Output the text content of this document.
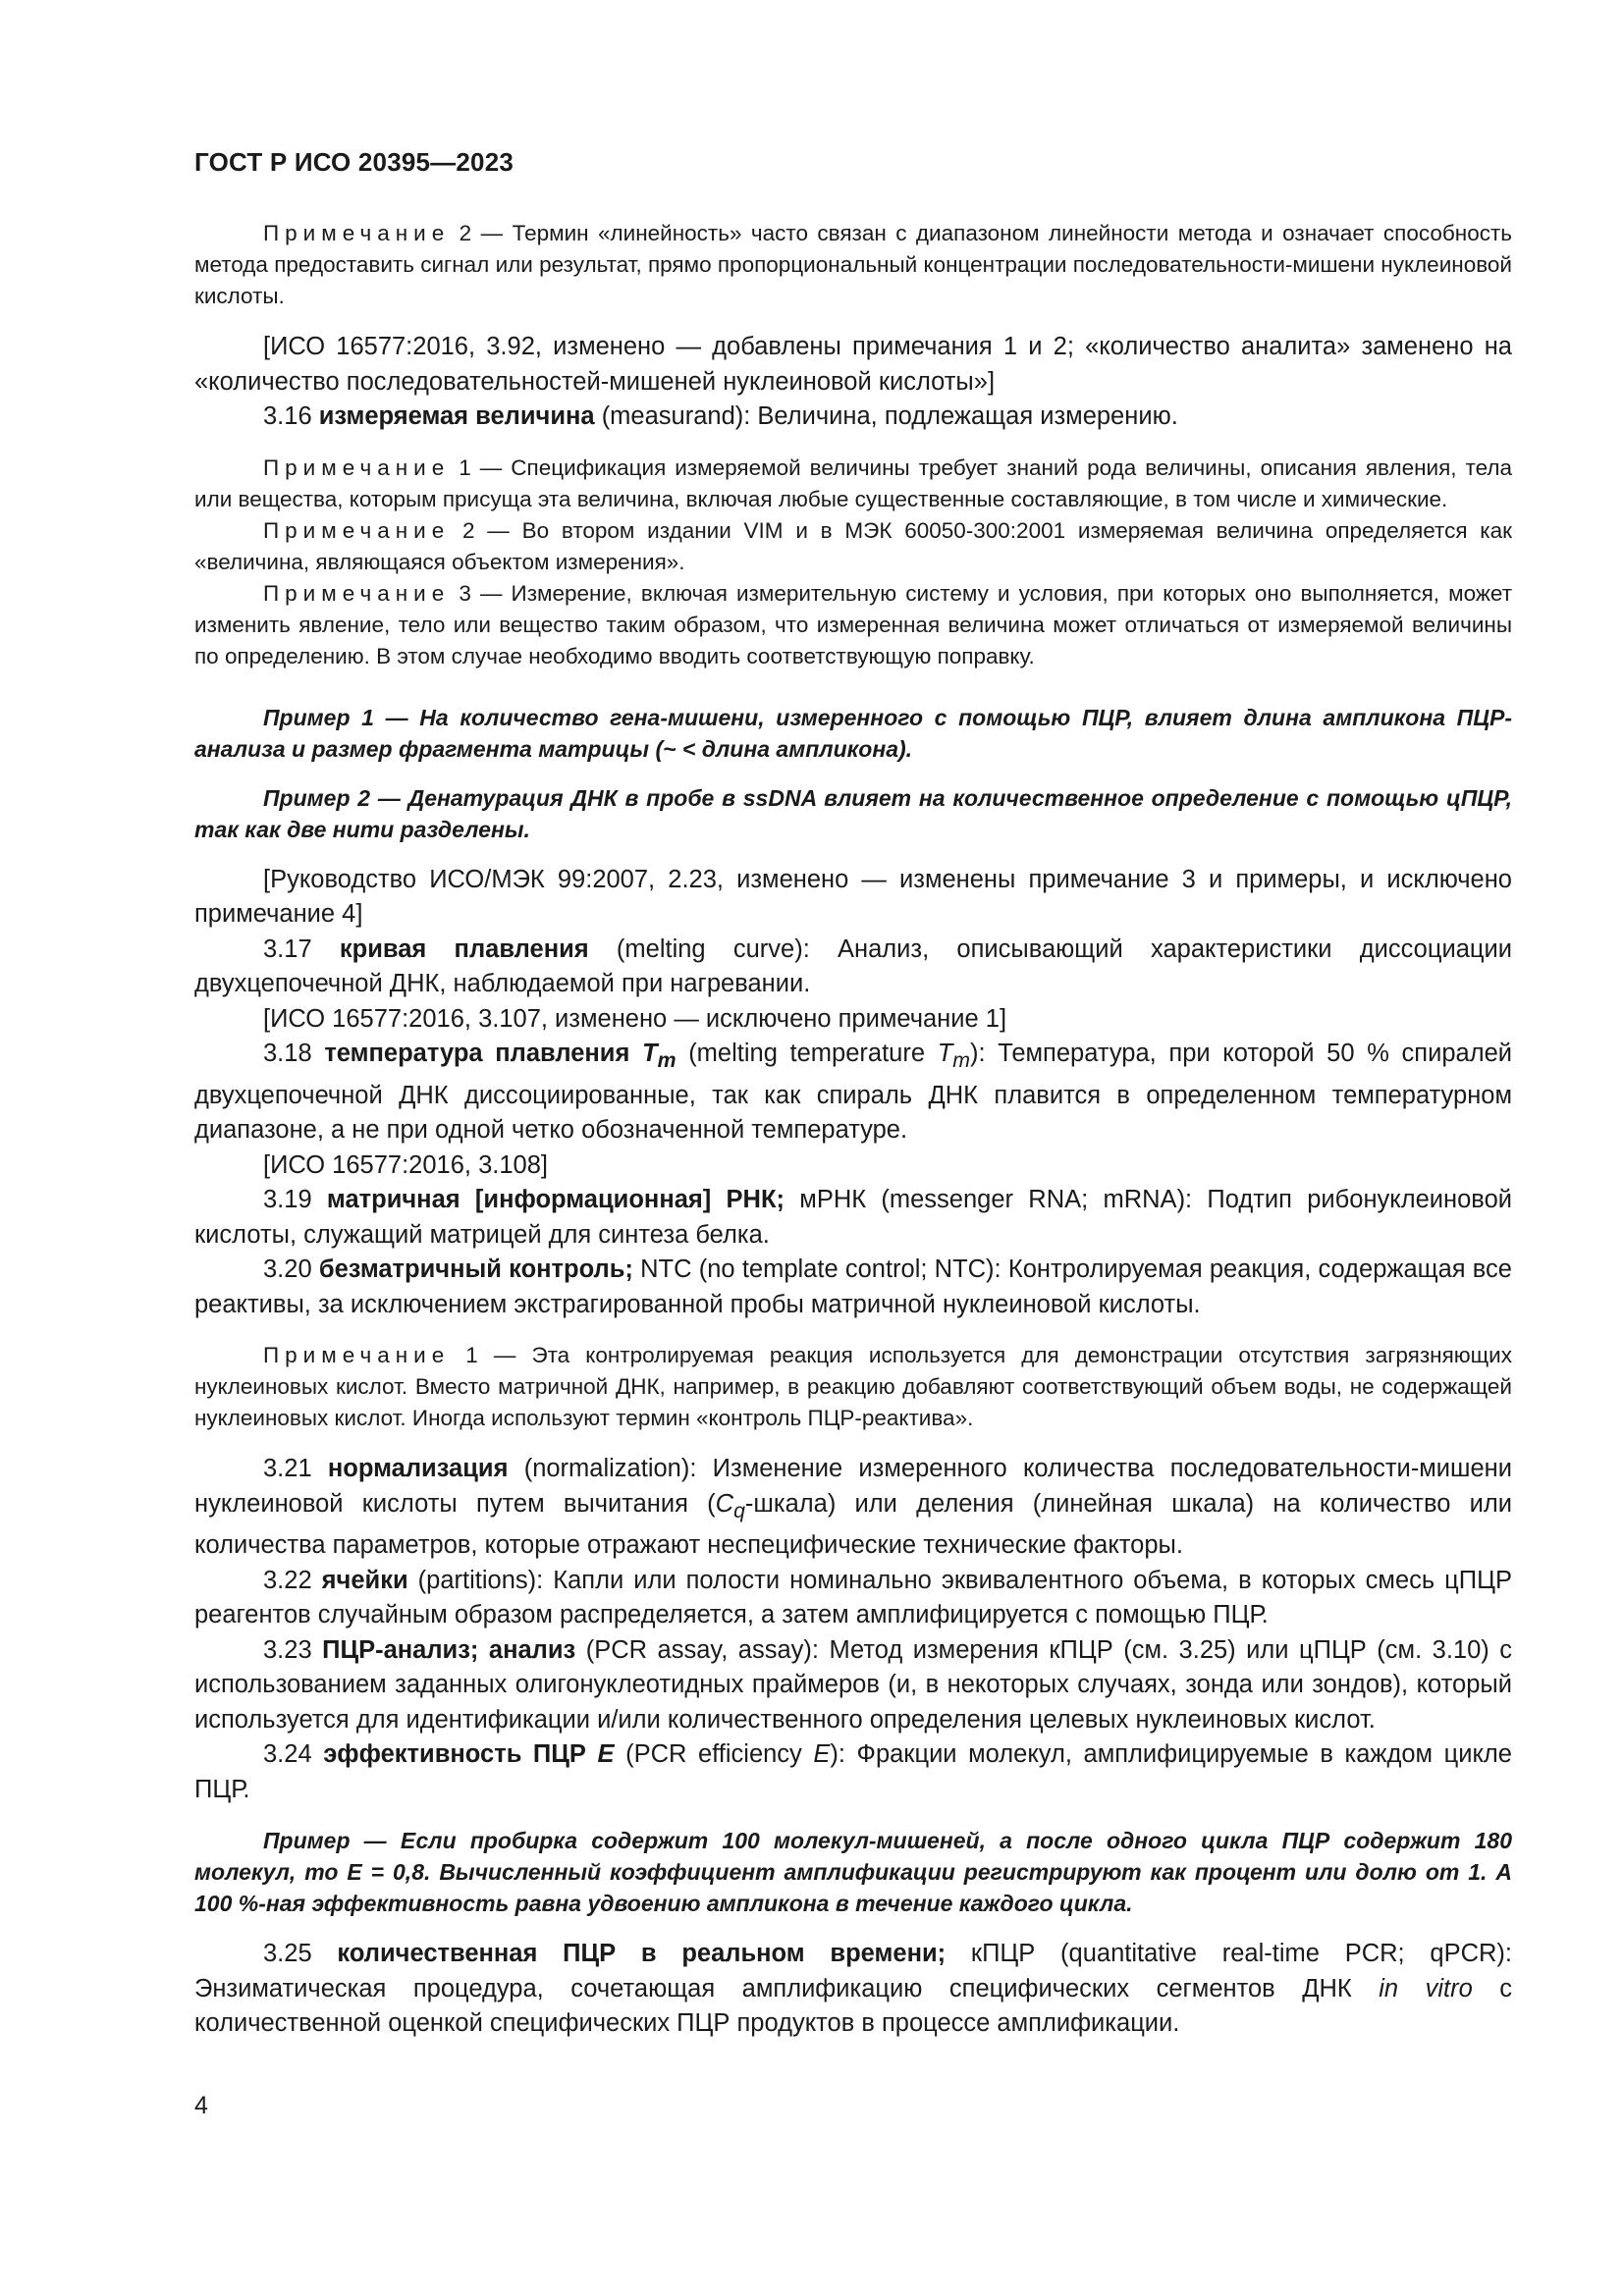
ГОСТ Р ИСО 20395—2023

Примечание 2 — Термин «линейность» часто связан с диапазоном линейности метода и означает способность метода предоставить сигнал или результат, прямо пропорциональный концентрации последовательности-мишени нуклеиновой кислоты.

[ИСО 16577:2016, 3.92, изменено — добавлены примечания 1 и 2; «количество аналита» заменено на «количество последовательностей-мишеней нуклеиновой кислоты»]

3.16 измеряемая величина (measurand): Величина, подлежащая измерению.

Примечание 1 — Спецификация измеряемой величины требует знаний рода величины, описания явления, тела или вещества, которым присуща эта величина, включая любые существенные составляющие, в том числе и химические.

Примечание 2 — Во втором издании VIM и в МЭК 60050-300:2001 измеряемая величина определяется как «величина, являющаяся объектом измерения».

Примечание 3 — Измерение, включая измерительную систему и условия, при которых оно выполняется, может изменить явление, тело или вещество таким образом, что измеренная величина может отличаться от измеряемой величины по определению. В этом случае необходимо вводить соответствующую поправку.

Пример 1 — На количество гена-мишени, измеренного с помощью ПЦР, влияет длина ампликона ПЦР-анализа и размер фрагмента матрицы (~ < длина ампликона).

Пример 2 — Денатурация ДНК в пробе в ssDNA влияет на количественное определение с помощью цПЦР, так как две нити разделены.

[Руководство ИСО/МЭК 99:2007, 2.23, изменено — изменены примечание 3 и примеры, и исключено примечание 4]

3.17 кривая плавления (melting curve): Анализ, описывающий характеристики диссоциации двухцепочечной ДНК, наблюдаемой при нагревании.

[ИСО 16577:2016, 3.107, изменено — исключено примечание 1]

3.18 температура плавления $T_m$ (melting temperature $T_m$): Температура, при которой 50 % спиралей двухцепочечной ДНК диссоциированные, так как спираль ДНК плавится в определенном температурном диапазоне, а не при одной четко обозначенной температуре.

[ИСО 16577:2016, 3.108]

3.19 матричная [информационная] РНК; мРНК (messenger RNA; mRNA): Подтип рибонуклеиновой кислоты, служащий матрицей для синтеза белка.

3.20 безматричный контроль; NTC (no template control; NTC): Контролируемая реакция, содержащая все реактивы, за исключением экстрагированной пробы матричной нуклеиновой кислоты.

Примечание 1 — Эта контролируемая реакция используется для демонстрации отсутствия загрязняющих нуклеиновых кислот. Вместо матричной ДНК, например, в реакцию добавляют соответствующий объем воды, не содержащей нуклеиновых кислот. Иногда используют термин «контроль ПЦР-реактива».

3.21 нормализация (normalization): Изменение измеренного количества последовательности-мишени нуклеиновой кислоты путем вычитания $(C_q-шкала)$ или деления (линейная шкала) на количество или количества параметров, которые отражают неспецифические технические факторы.

3.22 ячейки (partitions): Капли или полости номинально эквивалентного объема, в которых смесь цПЦР реагентов случайным образом распределяется, а затем амплифицируется с помощью ПЦР.

3.23 ПЦР-анализ; анализ (PCR assay, assay): Метод измерения кПЦР (см. 3.25) или цПЦР (см. 3.10) с использованием заданных олигонуклеотидных праймеров (и, в некоторых случаях, зонда или зондов), который используется для идентификации и/или количественного определения целевых нуклеиновых кислот.

3.24 эффективность ПЦР E (PCR efficiency E): Фракции молекул, амплифицируемые в каждом цикле ПЦР.

Пример — Если пробирка содержит 100 молекул-мишеней, а после одного цикла ПЦР содержит 180 молекул, то E = 0,8. Вычисленный коэффициент амплификации регистрируют как процент или долю от 1. А 100 %-ная эффективность равна удвоению ампликона в течение каждого цикла.

3.25 количественная ПЦР в реальном времени; кПЦР (quantitative real-time PCR; qPCR): Энзиматическая процедура, сочетающая амплификацию специфических сегментов ДНК in vitro с количественной оценкой специфических ПЦР продуктов в процессе амплификации.

4
